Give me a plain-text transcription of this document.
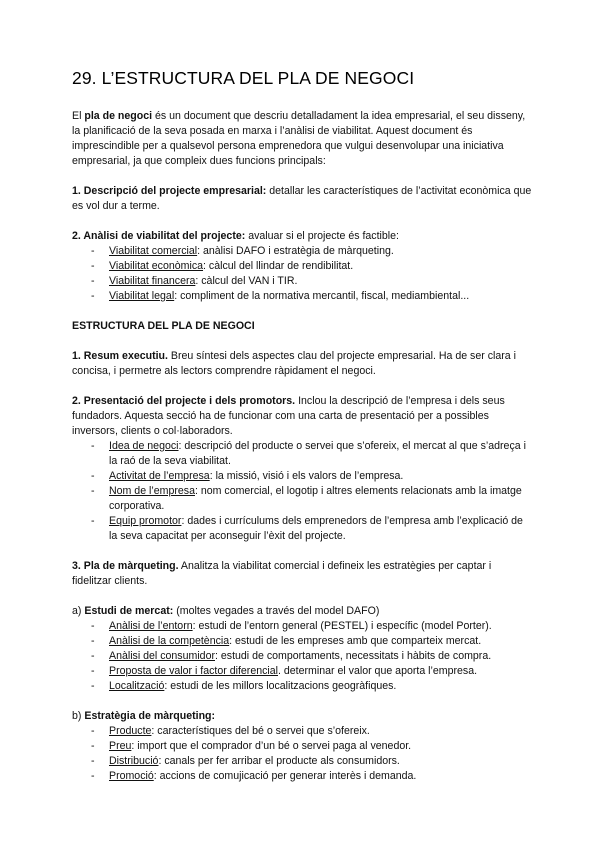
29. L’ESTRUCTURA DEL PLA DE NEGOCI

El pla de negoci és un document que descriu detalladament la idea empresarial, el seu disseny, la planificació de la seva posada en marxa i l’anàlisi de viabilitat. Aquest document és imprescindible per a qualsevol persona emprenedora que vulgui desenvolupar una iniciativa empresarial, ja que compleix dues funcions principals:

1. Descripció del projecte empresarial: detallar les característiques de l’activitat econòmica que es vol dur a terme.

2. Anàlisi de viabilitat del projecte: avaluar si el projecte és factible:

- Viabilitat comercial: anàlisi DAFO i estratègia de màrqueting.
- Viabilitat econòmica: càlcul del llindar de rendibilitat.
- Viabilitat financera: càlcul del VAN i TIR.
- Viabilitat legal: compliment de la normativa mercantil, fiscal, mediambiental...

ESTRUCTURA DEL PLA DE NEGOCI

1. Resum executiu. Breu síntesi dels aspectes clau del projecte empresarial. Ha de ser clara i concisa, i permetre als lectors comprendre ràpidament el negoci.

2. Presentació del projecte i dels promotors. Inclou la descripció de l’empresa i dels seus fundadors. Aquesta secció ha de funcionar com una carta de presentació per a possibles inversors, clients o col·laboradors.

- Idea de negoci: descripció del producte o servei que s’ofereix, el mercat al que s’adreça i la raó de la seva viabilitat.
- Activitat de l’empresa: la missió, visió i els valors de l’empresa.
- Nom de l’empresa: nom comercial, el logotip i altres elements relacionats amb la imatge corporativa.
- Equip promotor: dades i currículums dels emprenedors de l’empresa amb l’explicació de la seva capacitat per aconseguir l’èxit del projecte.

3. Pla de màrqueting. Analitza la viabilitat comercial i defineix les estratègies per captar i fidelitzar clients.

a) Estudi de mercat: (moltes vegades a través del model DAFO)

- Anàlisi de l’entorn: estudi de l’entorn general (PESTEL) i específic (model Porter).
- Anàlisi de la competència: estudi de les empreses amb que comparteix mercat.
- Anàlisi del consumidor: estudi de comportaments, necessitats i hàbits de compra.
- Proposta de valor i factor diferencial. determinar el valor que aporta l’empresa.
- Localització: estudi de les millors localitzacions geogràfiques.

b) Estratègia de màrqueting:

- Producte: característiques del bé o servei que s’ofereix.
- Preu: import que el comprador d’un bé o servei paga al venedor.
- Distribució: canals per fer arribar el producte als consumidors.
- Promoció: accions de comujicació per generar interès i demanda.
